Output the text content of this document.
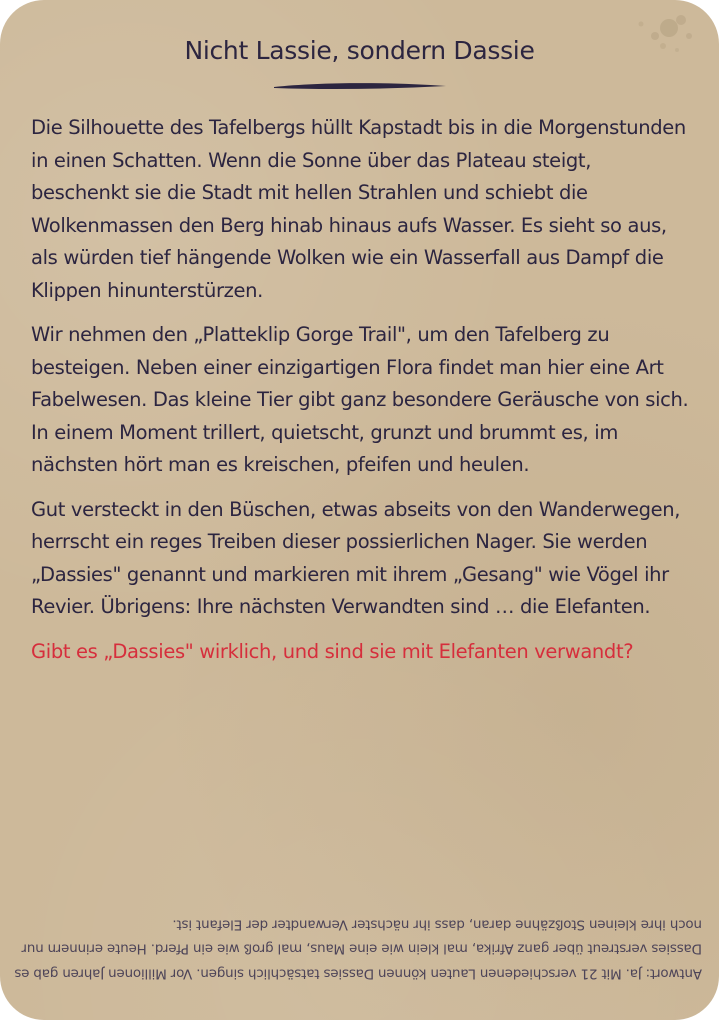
Nicht Lassie, sondern Dassie

Die Silhouette des Tafelbergs hüllt Kapstadt bis in die Morgenstunden in einen Schatten. Wenn die Sonne über das Plateau steigt, beschenkt sie die Stadt mit hellen Strahlen und schiebt die Wolkenmassen den Berg hinab hinaus aufs Wasser. Es sieht so aus, als würden tief hängende Wolken wie ein Wasserfall aus Dampf die Klippen hinunterstürzen.

Wir nehmen den „Platteklip Gorge Trail", um den Tafelberg zu besteigen. Neben einer einzigartigen Flora findet man hier eine Art Fabelwesen. Das kleine Tier gibt ganz besondere Geräusche von sich. In einem Moment trillert, quietscht, grunzt und brummt es, im nächsten hört man es kreischen, pfeifen und heulen.

Gut versteckt in den Büschen, etwas abseits von den Wanderwegen, herrscht ein reges Treiben dieser possierlichen Nager. Sie werden „Dassies" genannt und markieren mit ihrem „Gesang" wie Vögel ihr Revier. Übrigens: Ihre nächsten Verwandten sind … die Elefanten.

Gibt es „Dassies" wirklich, und sind sie mit Elefanten verwandt?

Antwort: Ja. Mit 21 verschiedenen Lauten können Dassies tatsächlich singen. Vor Millionen Jahren gab es Dassies verstreut über ganz Afrika, mal klein wie eine Maus, mal groß wie ein Pferd. Heute erinnern nur noch ihre kleinen Stoßzähne daran, dass ihr nächster Verwandter der Elefant ist.
